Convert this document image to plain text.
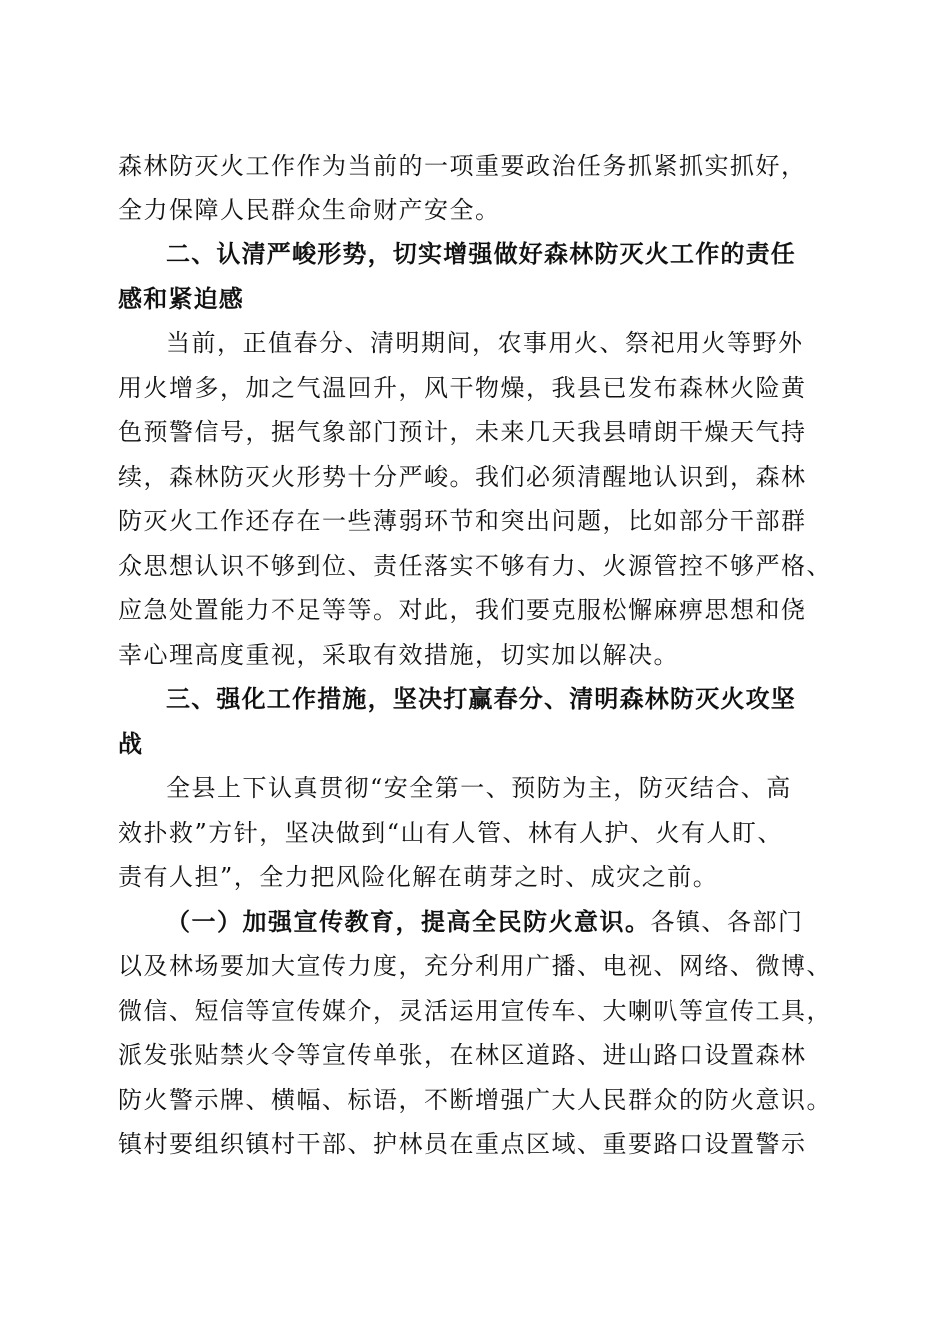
森林防灭火工作作为当前的一项重要政治任务抓紧抓实抓好，
全力保障人民群众生命财产安全。
二、认清严峻形势，切实增强做好森林防灭火工作的责任
感和紧迫感
当前，正值春分、清明期间，农事用火、祭祀用火等野外
用火增多，加之气温回升，风干物燥，我县已发布森林火险黄
色预警信号，据气象部门预计，未来几天我县晴朗干燥天气持
续，森林防灭火形势十分严峻。我们必须清醒地认识到，森林
防灭火工作还存在一些薄弱环节和突出问题，比如部分干部群
众思想认识不够到位、责任落实不够有力、火源管控不够严格、
应急处置能力不足等等。对此，我们要克服松懈麻痹思想和侥
幸心理高度重视，采取有效措施，切实加以解决。
三、强化工作措施，坚决打赢春分、清明森林防灭火攻坚
战
全县上下认真贯彻“安全第一、预防为主，防灭结合、高
效扑救”方针，坚决做到“山有人管、林有人护、火有人盯、
责有人担”，全力把风险化解在萌芽之时、成灾之前。
（一）加强宣传教育，提高全民防火意识。各镇、各部门
以及林场要加大宣传力度，充分利用广播、电视、网络、微博、
微信、短信等宣传媒介，灵活运用宣传车、大喇叭等宣传工具，
派发张贴禁火令等宣传单张，在林区道路、进山路口设置森林
防火警示牌、横幅、标语，不断增强广大人民群众的防火意识。
镇村要组织镇村干部、护林员在重点区域、重要路口设置警示
